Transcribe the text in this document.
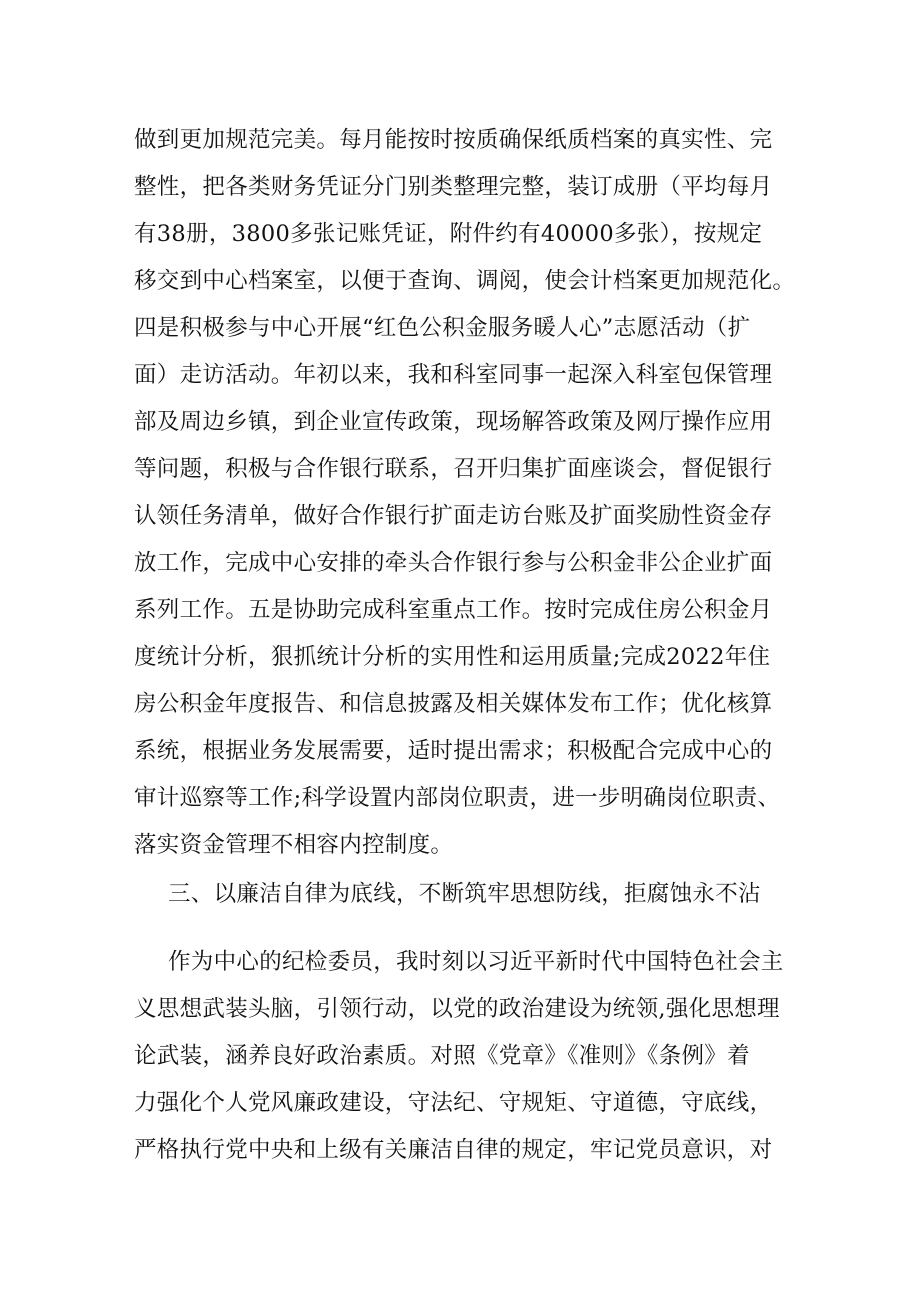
做到更加规范完美。每月能按时按质确保纸质档案的真实性、完
整性，把各类财务凭证分门别类整理完整，装订成册（平均每月
有38册，3800多张记账凭证，附件约有40000多张），按规定
移交到中心档案室，以便于查询、调阅，使会计档案更加规范化。
四是积极参与中心开展“红色公积金服务暖人心”志愿活动（扩
面）走访活动。年初以来，我和科室同事一起深入科室包保管理
部及周边乡镇，到企业宣传政策，现场解答政策及网厅操作应用
等问题，积极与合作银行联系，召开归集扩面座谈会，督促银行
认领任务清单，做好合作银行扩面走访台账及扩面奖励性资金存
放工作，完成中心安排的牵头合作银行参与公积金非公企业扩面
系列工作。五是协助完成科室重点工作。按时完成住房公积金月
度统计分析，狠抓统计分析的实用性和运用质量;完成2022年住
房公积金年度报告、和信息披露及相关媒体发布工作；优化核算
系统，根据业务发展需要，适时提出需求；积极配合完成中心的
审计巡察等工作;科学设置内部岗位职责，进一步明确岗位职责、
落实资金管理不相容内控制度。
三、以廉洁自律为底线，不断筑牢思想防线，拒腐蚀永不沾
作为中心的纪检委员，我时刻以习近平新时代中国特色社会主
义思想武装头脑，引领行动，以党的政治建设为统领,强化思想理
论武装，涵养良好政治素质。对照《党章》《准则》《条例》着
力强化个人党风廉政建设，守法纪、守规矩、守道德，守底线，
严格执行党中央和上级有关廉洁自律的规定，牢记党员意识，对
